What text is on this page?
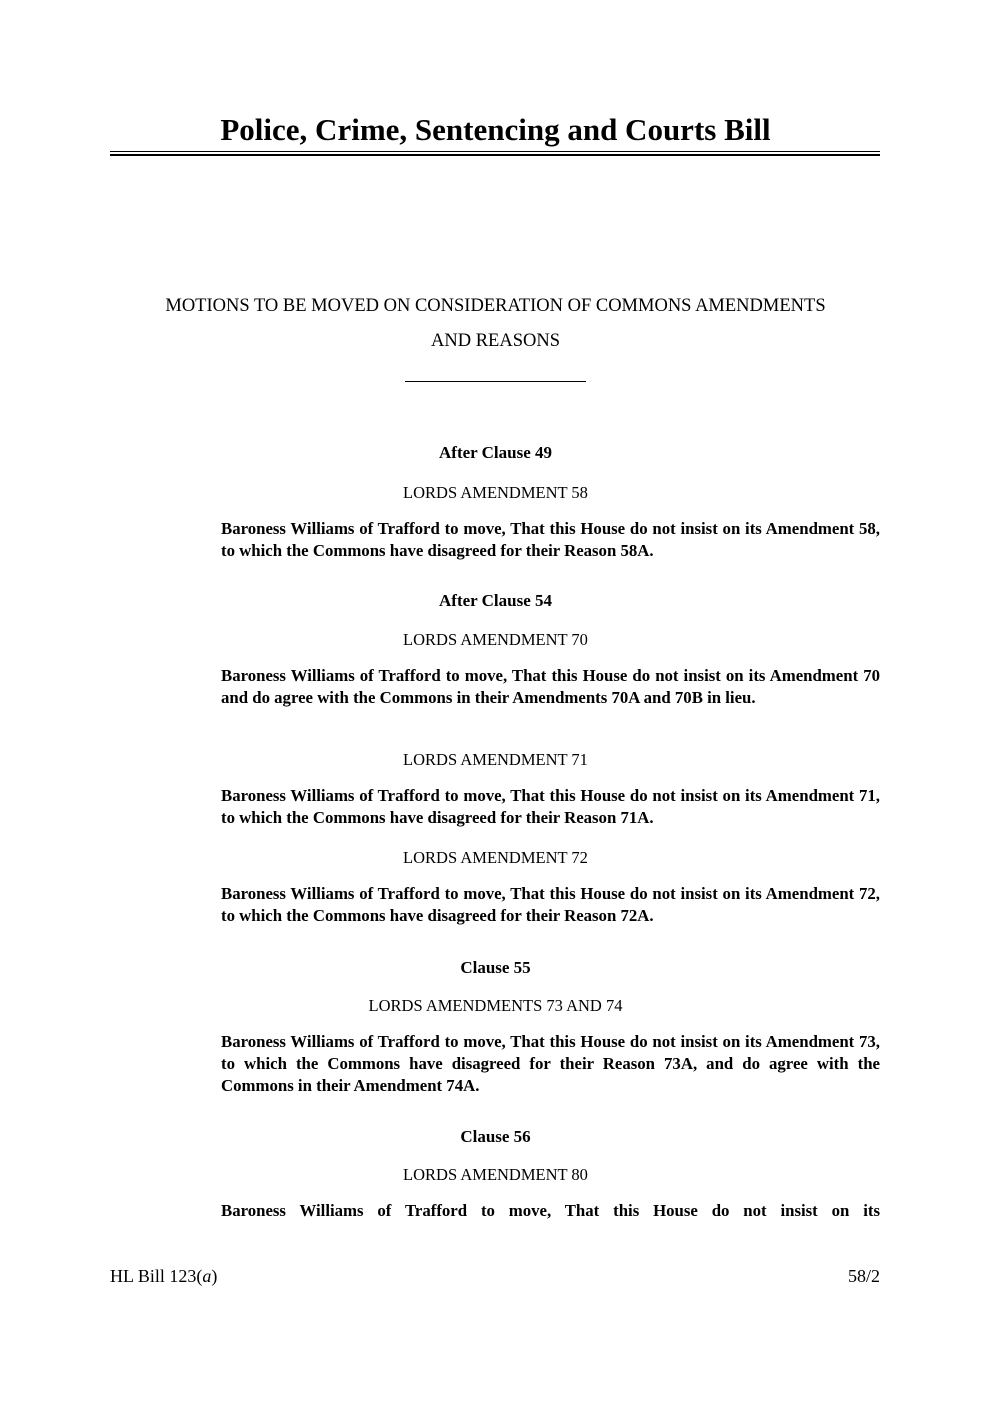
Police, Crime, Sentencing and Courts Bill
MOTIONS TO BE MOVED ON CONSIDERATION OF COMMONS AMENDMENTS
AND REASONS
After Clause 49
LORDS AMENDMENT 58
Baroness Williams of Trafford to move, That this House do not insist on its Amendment 58, to which the Commons have disagreed for their Reason 58A.
After Clause 54
LORDS AMENDMENT 70
Baroness Williams of Trafford to move, That this House do not insist on its Amendment 70 and do agree with the Commons in their Amendments 70A and 70B in lieu.
LORDS AMENDMENT 71
Baroness Williams of Trafford to move, That this House do not insist on its Amendment 71, to which the Commons have disagreed for their Reason 71A.
LORDS AMENDMENT 72
Baroness Williams of Trafford to move, That this House do not insist on its Amendment 72, to which the Commons have disagreed for their Reason 72A.
Clause 55
LORDS AMENDMENTS 73 AND 74
Baroness Williams of Trafford to move, That this House do not insist on its Amendment 73, to which the Commons have disagreed for their Reason 73A, and do agree with the Commons in their Amendment 74A.
Clause 56
LORDS AMENDMENT 80
Baroness Williams of Trafford to move, That this House do not insist on its
HL Bill 123(a)	58/2
